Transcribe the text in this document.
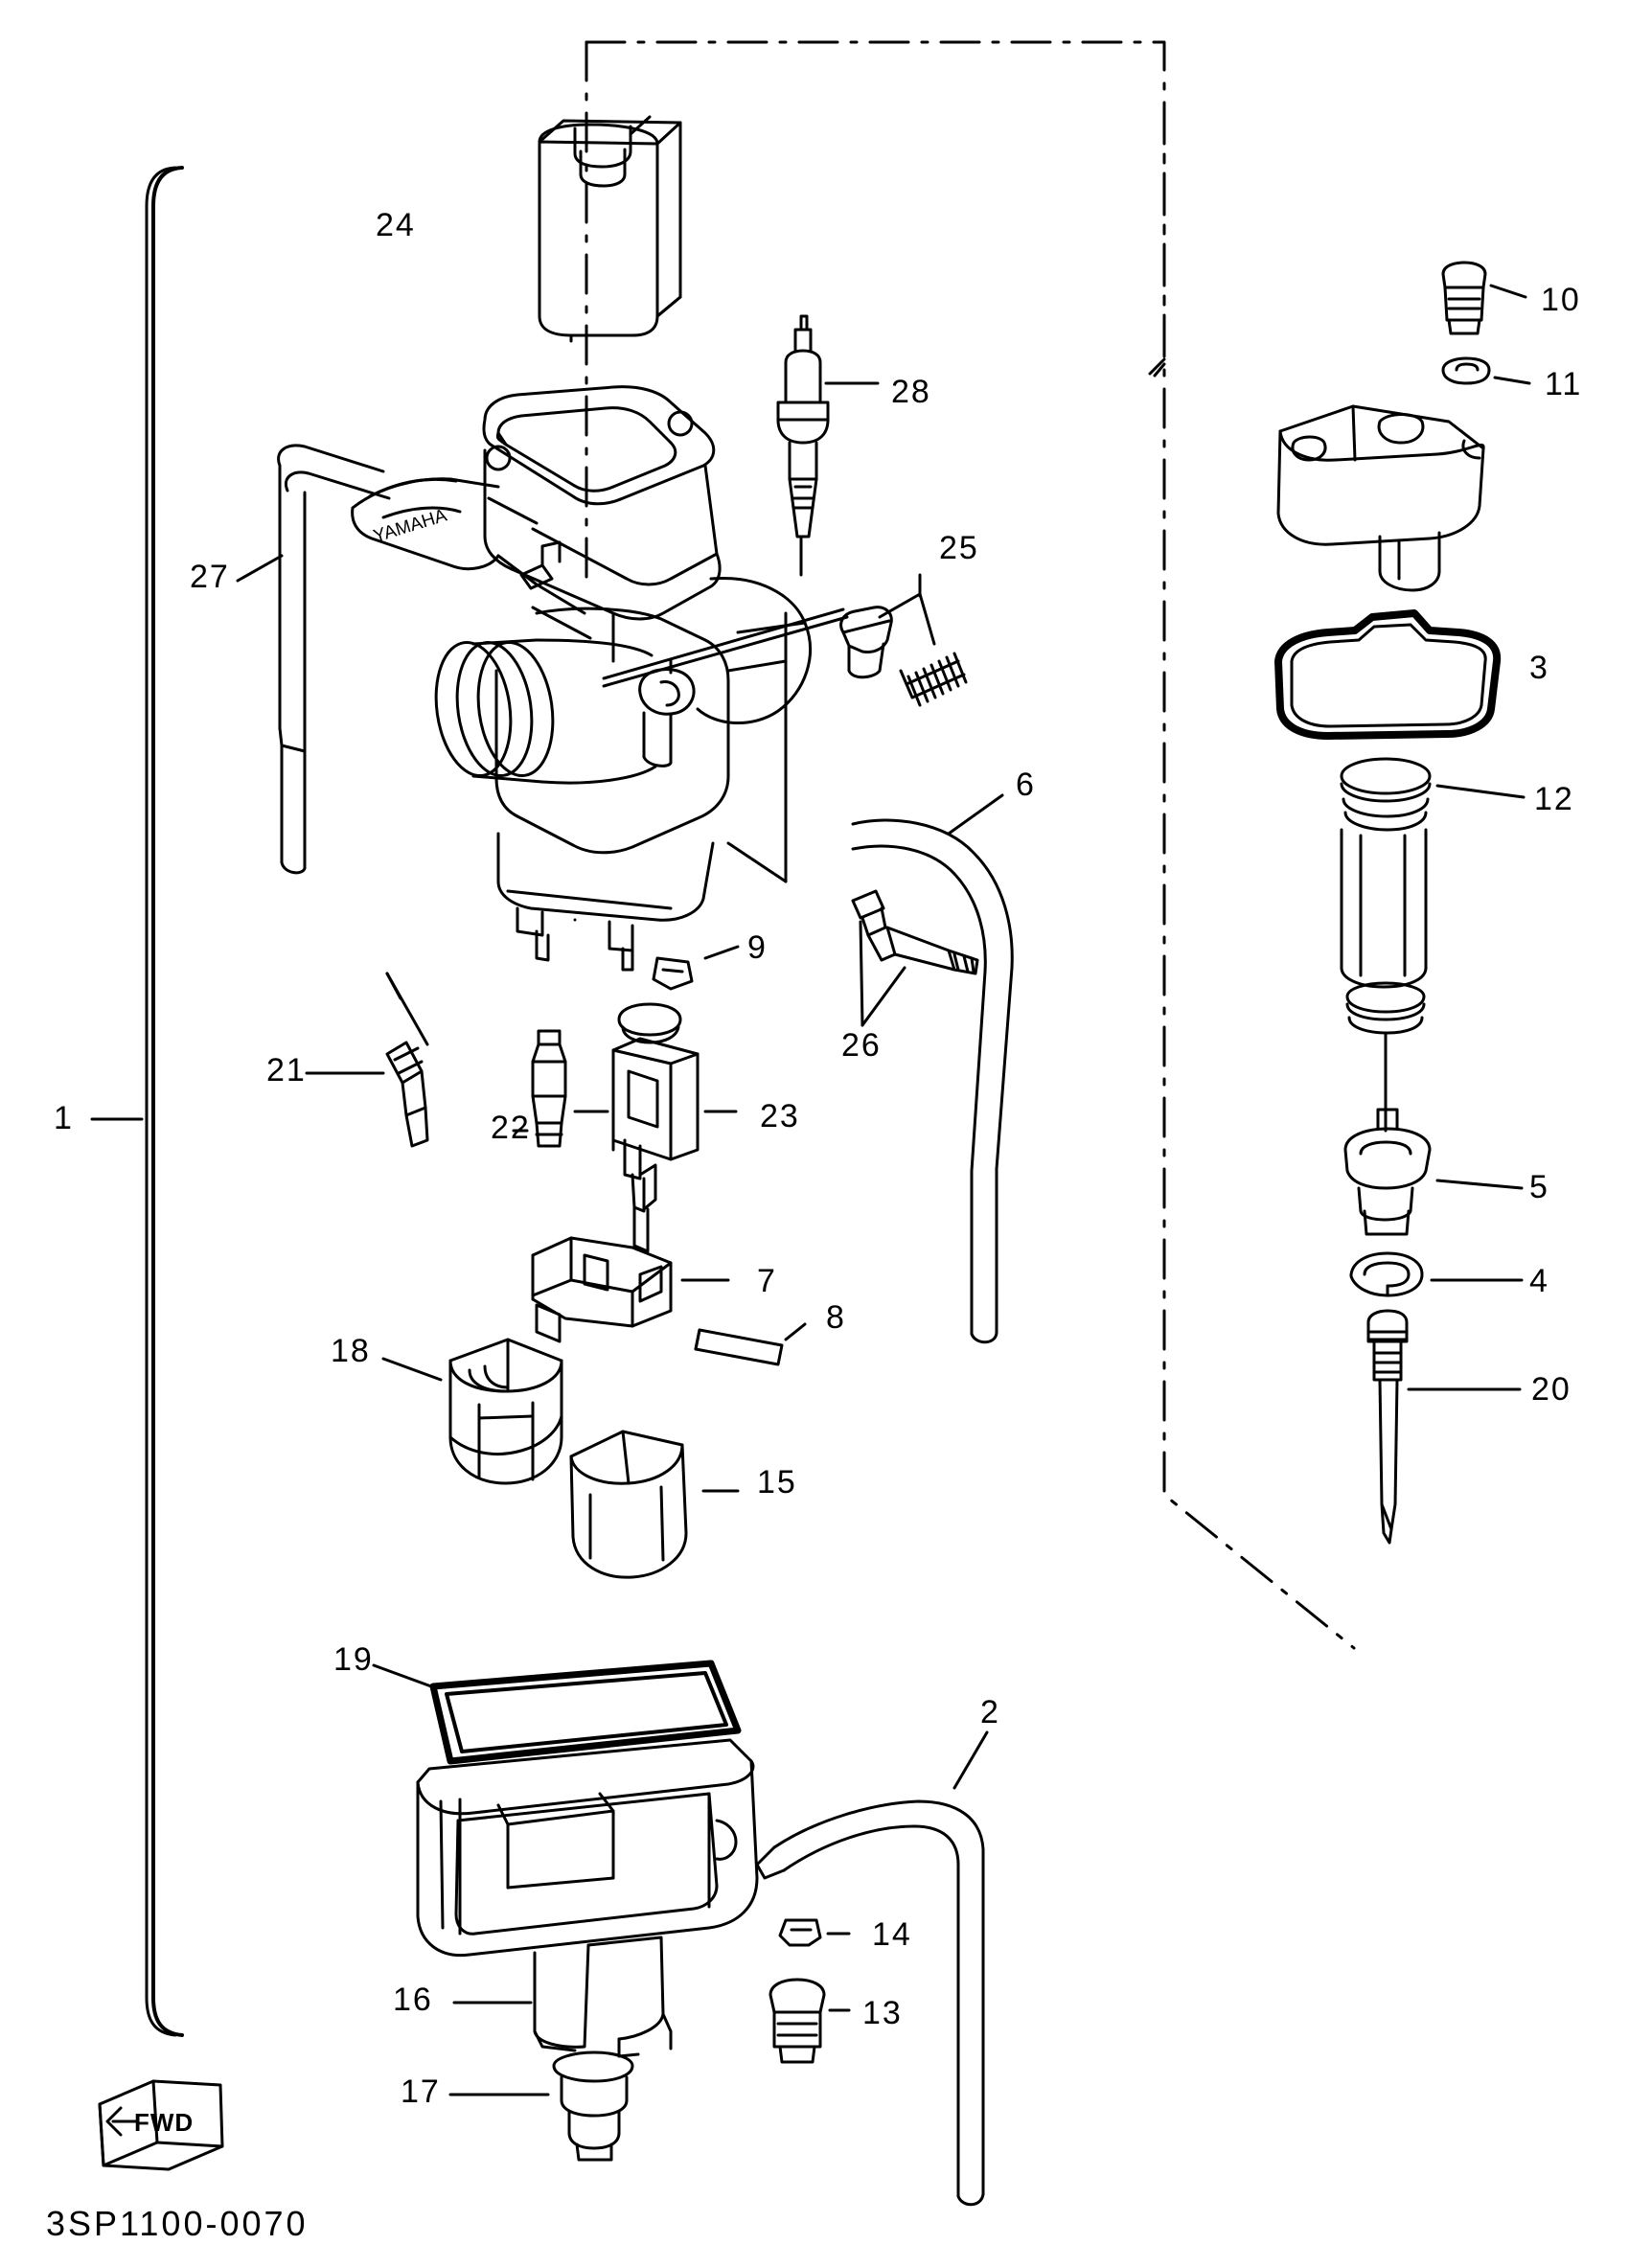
YAMAHA
1
2
3
4
5
6
7
8
9
10
11
12
13
14
15
16
17
18
19
20
21
22	23
24
25
26
27
28
FWD
3SP1100-0070
